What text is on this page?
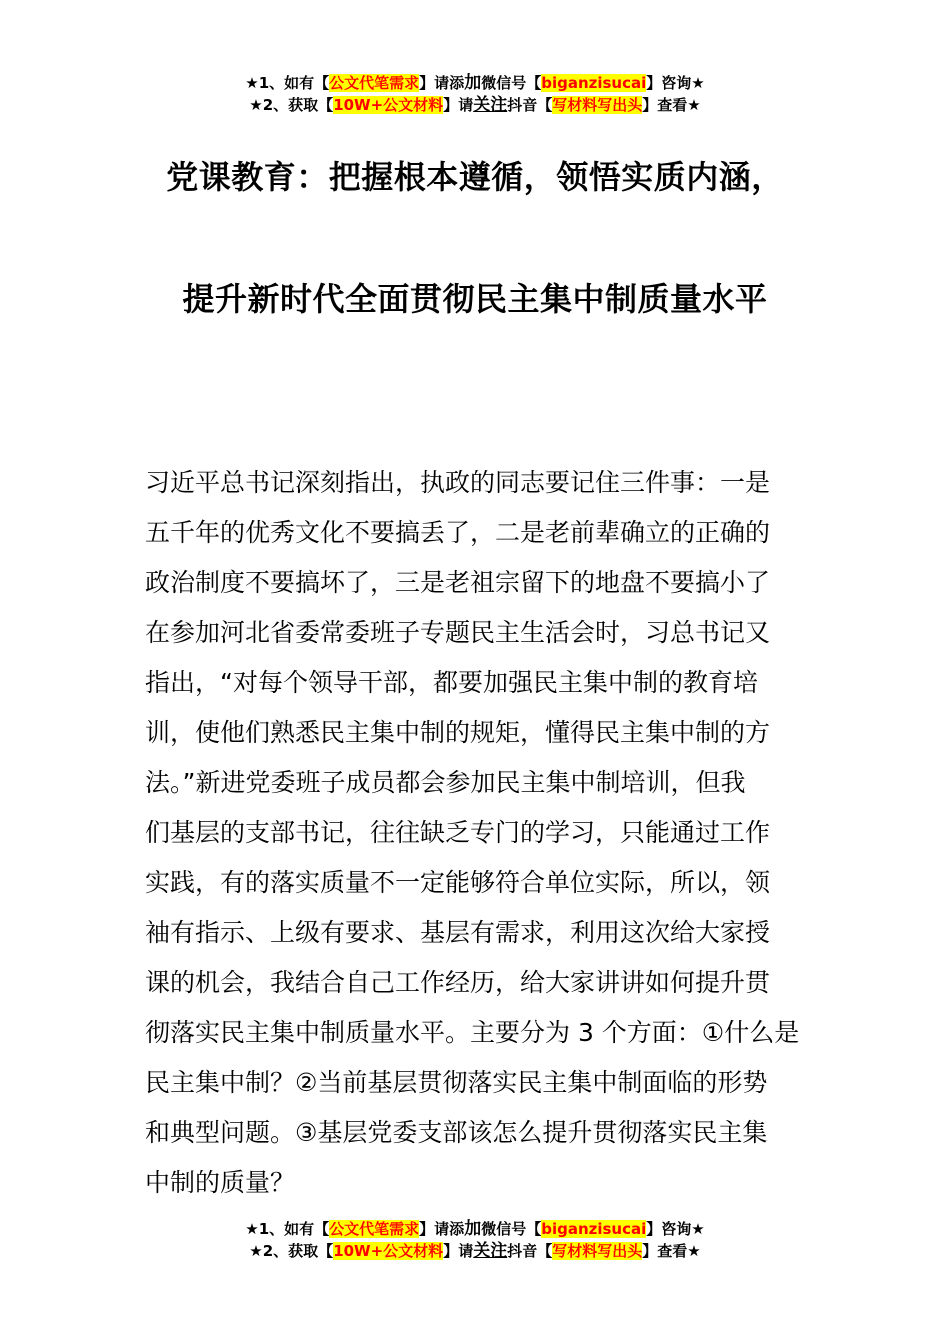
★1、如有【公文代笔需求】请添加微信号【biganzisucai】咨询★
★2、获取【10W+公文材料】请关注抖音【写材料写出头】查看★
党课教育：把握根本遵循，领悟实质内涵，
提升新时代全面贯彻民主集中制质量水平
习近平总书记深刻指出，执政的同志要记住三件事：一是
五千年的优秀文化不要搞丢了，二是老前辈确立的正确的
政治制度不要搞坏了，三是老祖宗留下的地盘不要搞小了
在参加河北省委常委班子专题民主生活会时，习总书记又
指出，“对每个领导干部，都要加强民主集中制的教育培
训，使他们熟悉民主集中制的规矩，懂得民主集中制的方
法。”新进党委班子成员都会参加民主集中制培训，但我
们基层的支部书记，往往缺乏专门的学习，只能通过工作
实践，有的落实质量不一定能够符合单位实际，所以，领
袖有指示、上级有要求、基层有需求，利用这次给大家授
课的机会，我结合自己工作经历，给大家讲讲如何提升贯
彻落实民主集中制质量水平。主要分为 3 个方面：①什么是
民主集中制？②当前基层贯彻落实民主集中制面临的形势
和典型问题。③基层党委支部该怎么提升贯彻落实民主集
中制的质量？
★1、如有【公文代笔需求】请添加微信号【biganzisucai】咨询★
★2、获取【10W+公文材料】请关注抖音【写材料写出头】查看★
